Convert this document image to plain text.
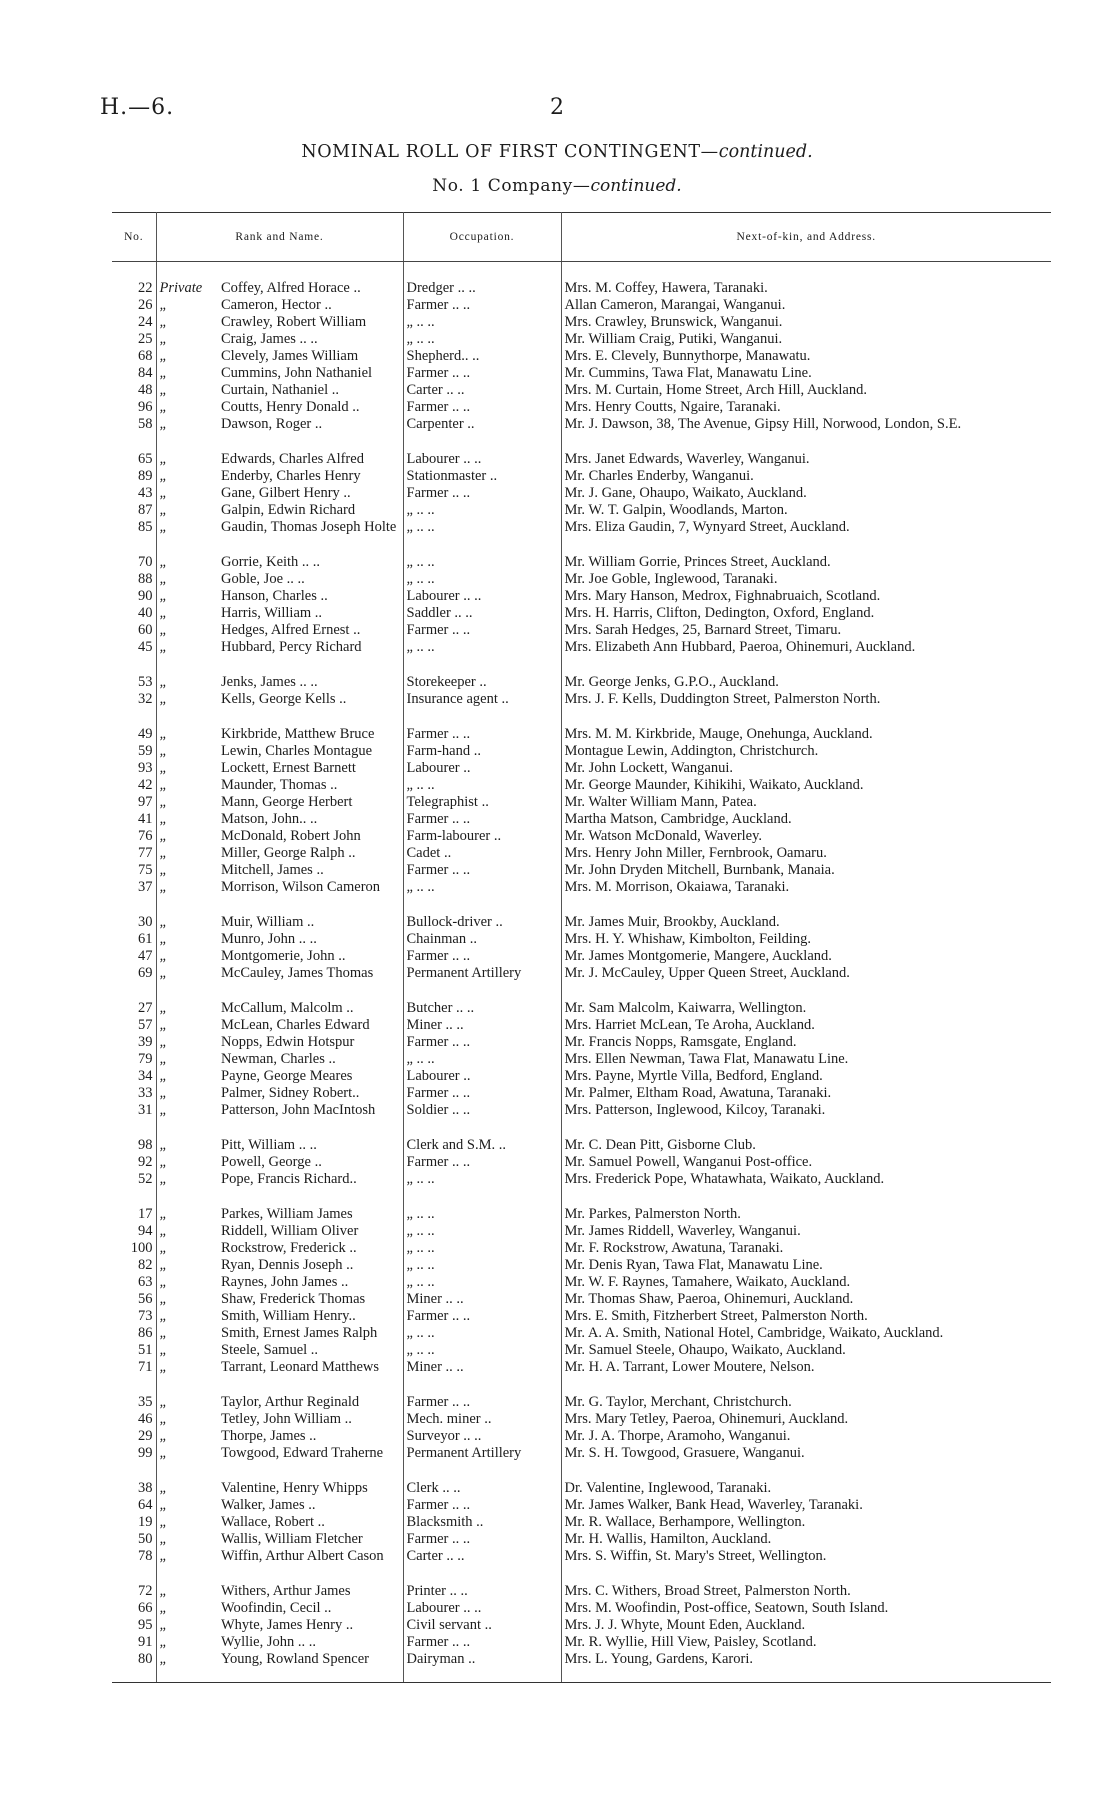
H.—6.	2
NOMINAL ROLL OF FIRST CONTINGENT—continued.
No. 1 Company—continued.
No.	Rank and Name.		Occupation.	Next-of-kin, and Address.

22	Private	Coffey, Alfred Horace ..	Dredger .. ..	Mrs. M. Coffey, Hawera, Taranaki.
26	„	Cameron, Hector ..	Farmer .. ..	Allan Cameron, Marangai, Wanganui.
24	„	Crawley, Robert William	„ .. ..	Mrs. Crawley, Brunswick, Wanganui.
25	„	Craig, James .. ..	„ .. ..	Mr. William Craig, Putiki, Wanganui.
68	„	Clevely, James William	Shepherd.. ..	Mrs. E. Clevely, Bunnythorpe, Manawatu.
84	„	Cummins, John Nathaniel	Farmer .. ..	Mr. Cummins, Tawa Flat, Manawatu Line.
48	„	Curtain, Nathaniel ..	Carter .. ..	Mrs. M. Curtain, Home Street, Arch Hill, Auckland.
96	„	Coutts, Henry Donald ..	Farmer .. ..	Mrs. Henry Coutts, Ngaire, Taranaki.
58	„	Dawson, Roger ..	Carpenter ..	Mr. J. Dawson, 38, The Avenue, Gipsy Hill, Norwood, London, S.E.

65	„	Edwards, Charles Alfred	Labourer .. ..	Mrs. Janet Edwards, Waverley, Wanganui.
89	„	Enderby, Charles Henry	Stationmaster ..	Mr. Charles Enderby, Wanganui.
43	„	Gane, Gilbert Henry ..	Farmer .. ..	Mr. J. Gane, Ohaupo, Waikato, Auckland.
87	„	Galpin, Edwin Richard	„ .. ..	Mr. W. T. Galpin, Woodlands, Marton.
85	„	Gaudin, Thomas Joseph Holte	„ .. ..	Mrs. Eliza Gaudin, 7, Wynyard Street, Auckland.

70	„	Gorrie, Keith .. ..	„ .. ..	Mr. William Gorrie, Princes Street, Auckland.
88	„	Goble, Joe .. ..	„ .. ..	Mr. Joe Goble, Inglewood, Taranaki.
90	„	Hanson, Charles ..	Labourer .. ..	Mrs. Mary Hanson, Medrox, Fighnabruaich, Scotland.
40	„	Harris, William ..	Saddler .. ..	Mrs. H. Harris, Clifton, Dedington, Oxford, England.
60	„	Hedges, Alfred Ernest ..	Farmer .. ..	Mrs. Sarah Hedges, 25, Barnard Street, Timaru.
45	„	Hubbard, Percy Richard	„ .. ..	Mrs. Elizabeth Ann Hubbard, Paeroa, Ohinemuri, Auckland.

53	„	Jenks, James .. ..	Storekeeper ..	Mr. George Jenks, G.P.O., Auckland.
32	„	Kells, George Kells ..	Insurance agent ..	Mrs. J. F. Kells, Duddington Street, Palmerston North.

49	„	Kirkbride, Matthew Bruce	Farmer .. ..	Mrs. M. M. Kirkbride, Mauge, Onehunga, Auckland.
59	„	Lewin, Charles Montague	Farm-hand ..	Montague Lewin, Addington, Christchurch.
93	„	Lockett, Ernest Barnett	Labourer ..	Mr. John Lockett, Wanganui.
42	„	Maunder, Thomas ..	„ .. ..	Mr. George Maunder, Kihikihi, Waikato, Auckland.
97	„	Mann, George Herbert	Telegraphist ..	Mr. Walter William Mann, Patea.
41	„	Matson, John.. ..	Farmer .. ..	Martha Matson, Cambridge, Auckland.
76	„	McDonald, Robert John	Farm-labourer ..	Mr. Watson McDonald, Waverley.
77	„	Miller, George Ralph ..	Cadet ..	Mrs. Henry John Miller, Fernbrook, Oamaru.
75	„	Mitchell, James ..	Farmer .. ..	Mr. John Dryden Mitchell, Burnbank, Manaia.
37	„	Morrison, Wilson Cameron	„ .. ..	Mrs. M. Morrison, Okaiawa, Taranaki.

30	„	Muir, William ..	Bullock-driver ..	Mr. James Muir, Brookby, Auckland.
61	„	Munro, John .. ..	Chainman ..	Mrs. H. Y. Whishaw, Kimbolton, Feilding.
47	„	Montgomerie, John ..	Farmer .. ..	Mr. James Montgomerie, Mangere, Auckland.
69	„	McCauley, James Thomas	Permanent Artillery	Mr. J. McCauley, Upper Queen Street, Auckland.

27	„	McCallum, Malcolm ..	Butcher .. ..	Mr. Sam Malcolm, Kaiwarra, Wellington.
57	„	McLean, Charles Edward	Miner .. ..	Mrs. Harriet McLean, Te Aroha, Auckland.
39	„	Nopps, Edwin Hotspur	Farmer .. ..	Mr. Francis Nopps, Ramsgate, England.
79	„	Newman, Charles ..	„ .. ..	Mrs. Ellen Newman, Tawa Flat, Manawatu Line.
34	„	Payne, George Meares	Labourer ..	Mrs. Payne, Myrtle Villa, Bedford, England.
33	„	Palmer, Sidney Robert..	Farmer .. ..	Mr. Palmer, Eltham Road, Awatuna, Taranaki.
31	„	Patterson, John MacIntosh	Soldier .. ..	Mrs. Patterson, Inglewood, Kilcoy, Taranaki.

98	„	Pitt, William .. ..	Clerk and S.M. ..	Mr. C. Dean Pitt, Gisborne Club.
92	„	Powell, George ..	Farmer .. ..	Mr. Samuel Powell, Wanganui Post-office.
52	„	Pope, Francis Richard..	„ .. ..	Mrs. Frederick Pope, Whatawhata, Waikato, Auckland.

17	„	Parkes, William James	„ .. ..	Mr. Parkes, Palmerston North.
94	„	Riddell, William Oliver	„ .. ..	Mr. James Riddell, Waverley, Wanganui.
100	„	Rockstrow, Frederick ..	„ .. ..	Mr. F. Rockstrow, Awatuna, Taranaki.
82	„	Ryan, Dennis Joseph ..	„ .. ..	Mr. Denis Ryan, Tawa Flat, Manawatu Line.
63	„	Raynes, John James ..	„ .. ..	Mr. W. F. Raynes, Tamahere, Waikato, Auckland.
56	„	Shaw, Frederick Thomas	Miner .. ..	Mr. Thomas Shaw, Paeroa, Ohinemuri, Auckland.
73	„	Smith, William Henry..	Farmer .. ..	Mrs. E. Smith, Fitzherbert Street, Palmerston North.
86	„	Smith, Ernest James Ralph	„ .. ..	Mr. A. A. Smith, National Hotel, Cambridge, Waikato, Auckland.
51	„	Steele, Samuel ..	„ .. ..	Mr. Samuel Steele, Ohaupo, Waikato, Auckland.
71	„	Tarrant, Leonard Matthews	Miner .. ..	Mr. H. A. Tarrant, Lower Moutere, Nelson.

35	„	Taylor, Arthur Reginald	Farmer .. ..	Mr. G. Taylor, Merchant, Christchurch.
46	„	Tetley, John William ..	Mech. miner ..	Mrs. Mary Tetley, Paeroa, Ohinemuri, Auckland.
29	„	Thorpe, James ..	Surveyor .. ..	Mr. J. A. Thorpe, Aramoho, Wanganui.
99	„	Towgood, Edward Traherne	Permanent Artillery	Mr. S. H. Towgood, Grasuere, Wanganui.

38	„	Valentine, Henry Whipps	Clerk .. ..	Dr. Valentine, Inglewood, Taranaki.
64	„	Walker, James ..	Farmer .. ..	Mr. James Walker, Bank Head, Waverley, Taranaki.
19	„	Wallace, Robert ..	Blacksmith ..	Mr. R. Wallace, Berhampore, Wellington.
50	„	Wallis, William Fletcher	Farmer .. ..	Mr. H. Wallis, Hamilton, Auckland.
78	„	Wiffin, Arthur Albert Cason	Carter .. ..	Mrs. S. Wiffin, St. Mary's Street, Wellington.

72	„	Withers, Arthur James	Printer .. ..	Mrs. C. Withers, Broad Street, Palmerston North.
66	„	Woofindin, Cecil ..	Labourer .. ..	Mrs. M. Woofindin, Post-office, Seatown, South Island.
95	„	Whyte, James Henry ..	Civil servant ..	Mrs. J. J. Whyte, Mount Eden, Auckland.
91	„	Wyllie, John .. ..	Farmer .. ..	Mr. R. Wyllie, Hill View, Paisley, Scotland.
80	„	Young, Rowland Spencer	Dairyman ..	Mrs. L. Young, Gardens, Karori.
